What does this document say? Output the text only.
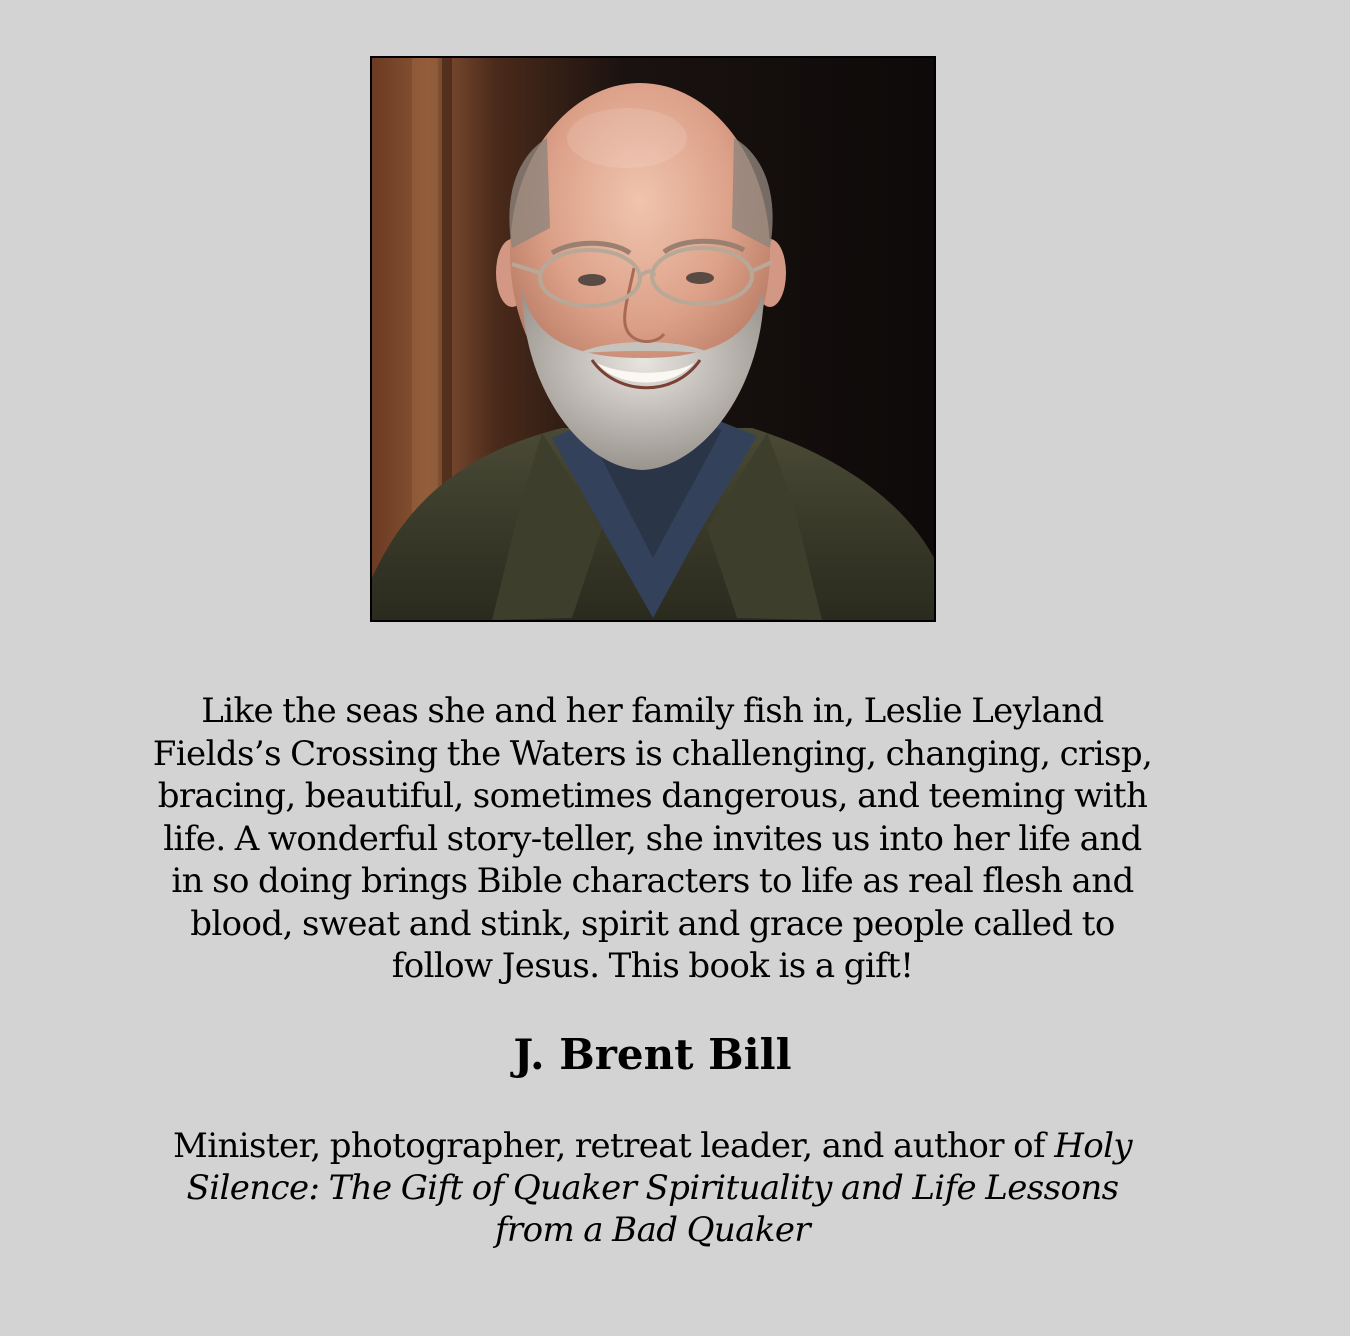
Like the seas she and her family fish in, Leslie Leyland
Fields’s Crossing the Waters is challenging, changing, crisp,
bracing, beautiful, sometimes dangerous, and teeming with
life. A wonderful story-teller, she invites us into her life and
in so doing brings Bible characters to life as real flesh and
blood, sweat and stink, spirit and grace people called to
follow Jesus. This book is a gift!

J. Brent Bill

Minister, photographer, retreat leader, and author of Holy
Silence: The Gift of Quaker Spirituality and Life Lessons
from a Bad Quaker
